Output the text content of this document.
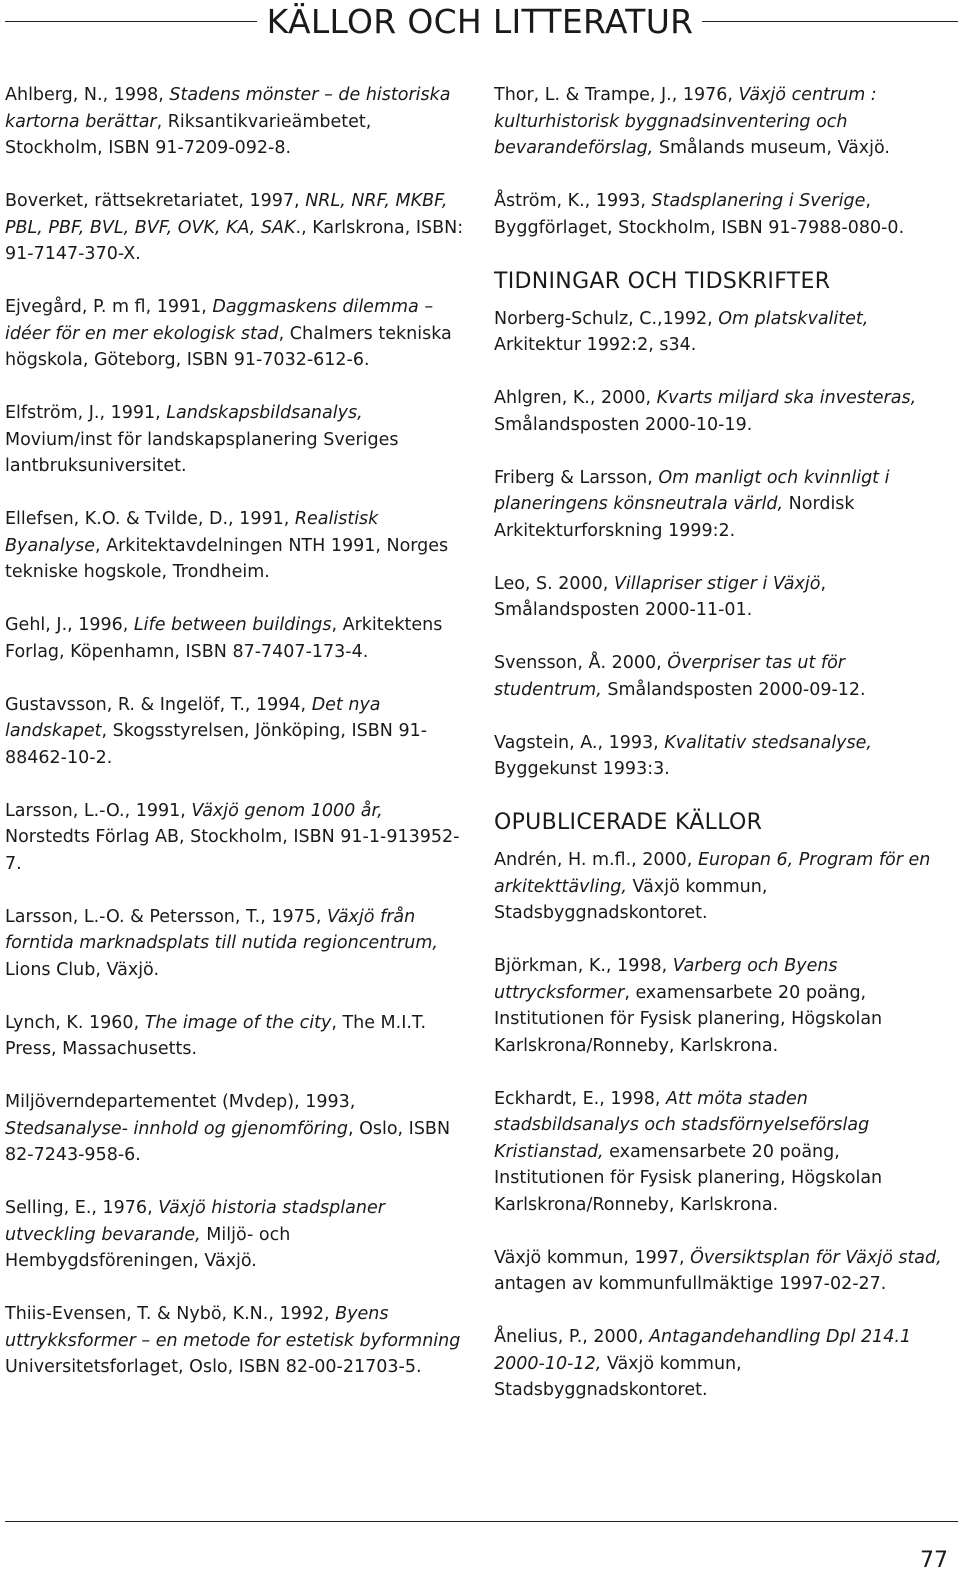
KÄLLOR OCH LITTERATUR
Ahlberg, N., 1998, Stadens mönster – de historiska kartorna berättar, Riksantikvarieämbetet, Stockholm, ISBN 91-7209-092-8.
Boverket, rättsekretariatet, 1997, NRL, NRF, MKBF, PBL, PBF, BVL, BVF, OVK, KA, SAK., Karlskrona, ISBN: 91-7147-370-X.
Ejvegård, P. m fl, 1991, Daggmaskens dilemma – idéer för en mer ekologisk stad, Chalmers tekniska högskola, Göteborg, ISBN 91-7032-612-6.
Elfström, J., 1991, Landskapsbildsanalys, Movium/inst för landskapsplanering Sveriges lantbruksuniversitet.
Ellefsen, K.O. & Tvilde, D., 1991, Realistisk Byanalyse, Arkitektavdelningen NTH 1991, Norges tekniske hogskole, Trondheim.
Gehl, J., 1996, Life between buildings, Arkitektens Forlag, Köpenhamn, ISBN 87-7407-173-4.
Gustavsson, R. & Ingelöf, T., 1994, Det nya landskapet, Skogsstyrelsen, Jönköping, ISBN 91-88462-10-2.
Larsson, L.-O., 1991, Växjö genom 1000 år, Norstedts Förlag AB, Stockholm, ISBN 91-1-913952-7.
Larsson, L.-O. & Petersson, T., 1975, Växjö från forntida marknadsplats till nutida regioncentrum, Lions Club, Växjö.
Lynch, K. 1960, The image of the city, The M.I.T. Press, Massachusetts.
Miljöverndepartementet (Mvdep), 1993, Stedsanalyse- innhold og gjenomföring, Oslo, ISBN 82-7243-958-6.
Selling, E., 1976, Växjö historia stadsplaner utveckling bevarande, Miljö- och Hembygdsföreningen, Växjö.
Thiis-Evensen, T. & Nybö, K.N., 1992, Byens uttrykksformer – en metode for estetisk byformning Universitetsforlaget, Oslo, ISBN 82-00-21703-5.
Thor, L. & Trampe, J., 1976, Växjö centrum : kulturhistorisk byggnadsinventering och bevarandeförslag, Smålands museum, Växjö.
Åström, K., 1993, Stadsplanering i Sverige, Byggförlaget, Stockholm, ISBN 91-7988-080-0.
TIDNINGAR OCH TIDSKRIFTER
Norberg-Schulz, C.,1992, Om platskvalitet, Arkitektur 1992:2, s34.
Ahlgren, K., 2000, Kvarts miljard ska investeras, Smålandsposten 2000-10-19.
Friberg & Larsson, Om manligt och kvinnligt i planeringens könsneutrala värld, Nordisk Arkitekturforskning 1999:2.
Leo, S. 2000, Villapriser stiger i Växjö, Smålandsposten 2000-11-01.
Svensson, Å. 2000, Överpriser tas ut för studentrum, Smålandsposten 2000-09-12.
Vagstein, A., 1993, Kvalitativ stedsanalyse, Byggekunst 1993:3.
OPUBLICERADE KÄLLOR
Andrén, H. m.fl., 2000, Europan 6, Program för en arkitekttävling, Växjö kommun, Stadsbyggnadskontoret.
Björkman, K., 1998, Varberg och Byens uttrycksformer, examensarbete 20 poäng, Institutionen för Fysisk planering, Högskolan Karlskrona/Ronneby, Karlskrona.
Eckhardt, E., 1998, Att möta staden stadsbildsanalys och stadsförnyelseförslag Kristianstad, examensarbete 20 poäng, Institutionen för Fysisk planering, Högskolan Karlskrona/Ronneby, Karlskrona.
Växjö kommun, 1997, Översiktsplan för Växjö stad, antagen av kommunfullmäktige 1997-02-27.
Ånelius, P., 2000, Antagandehandling Dpl 214.1 2000-10-12, Växjö kommun, Stadsbyggnadskontoret.
77
